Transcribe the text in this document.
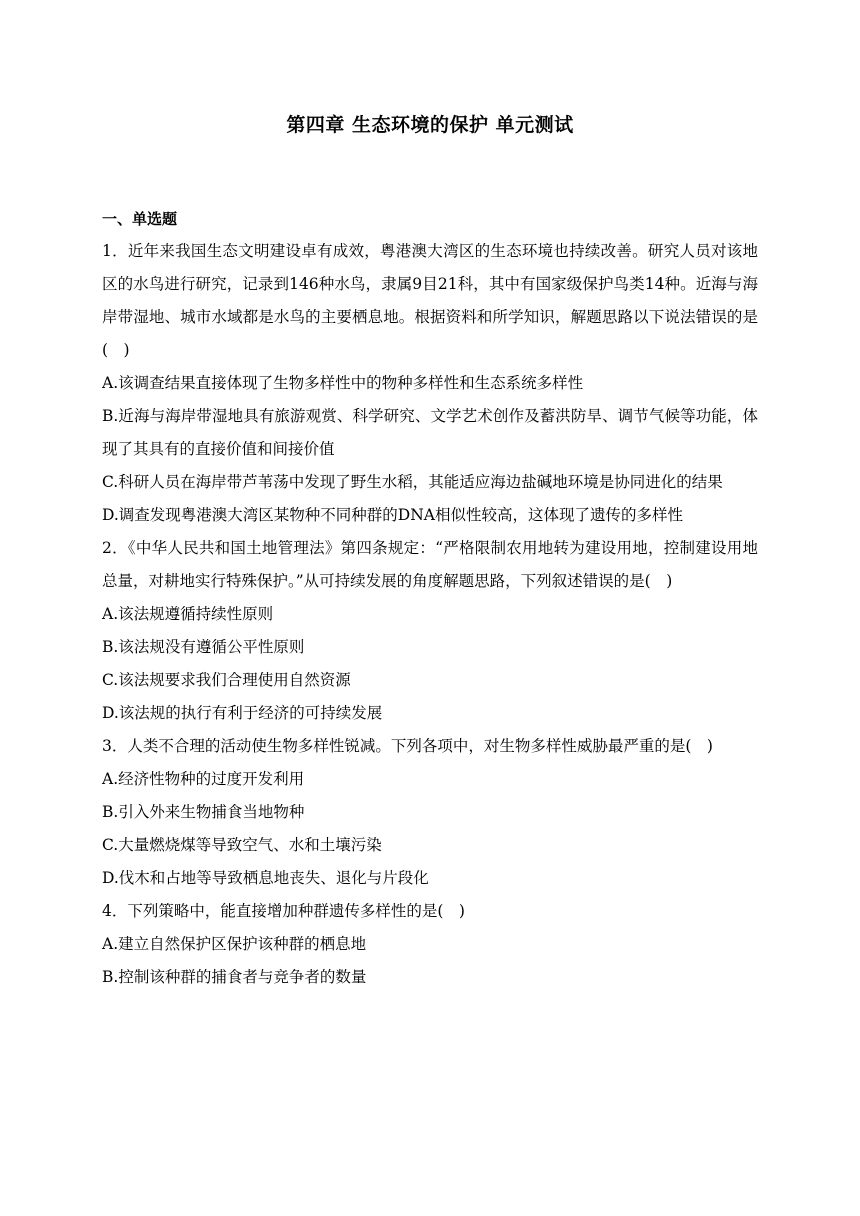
第四章 生态环境的保护 单元测试
一、单选题

1．近年来我国生态文明建设卓有成效，粤港澳大湾区的生态环境也持续改善。研究人员对该地区的水鸟进行研究，记录到146种水鸟，隶属9目21科，其中有国家级保护鸟类14种。近海与海岸带湿地、城市水域都是水鸟的主要栖息地。根据资料和所学知识，解题思路以下说法错误的是(　)

A.该调查结果直接体现了生物多样性中的物种多样性和生态系统多样性

B.近海与海岸带湿地具有旅游观赏、科学研究、文学艺术创作及蓄洪防旱、调节气候等功能，体现了其具有的直接价值和间接价值

C.科研人员在海岸带芦苇荡中发现了野生水稻，其能适应海边盐碱地环境是协同进化的结果

D.调查发现粤港澳大湾区某物种不同种群的DNA相似性较高，这体现了遗传的多样性

2．《中华人民共和国土地管理法》第四条规定：“严格限制农用地转为建设用地，控制建设用地总量，对耕地实行特殊保护。”从可持续发展的角度解题思路，下列叙述错误的是(　)

A.该法规遵循持续性原则

B.该法规没有遵循公平性原则

C.该法规要求我们合理使用自然资源

D.该法规的执行有利于经济的可持续发展

3．人类不合理的活动使生物多样性锐减。下列各项中，对生物多样性威胁最严重的是(　)

A.经济性物种的过度开发利用

B.引入外来生物捕食当地物种

C.大量燃烧煤等导致空气、水和土壤污染

D.伐木和占地等导致栖息地丧失、退化与片段化

4．下列策略中，能直接增加种群遗传多样性的是(　)

A.建立自然保护区保护该种群的栖息地

B.控制该种群的捕食者与竞争者的数量
